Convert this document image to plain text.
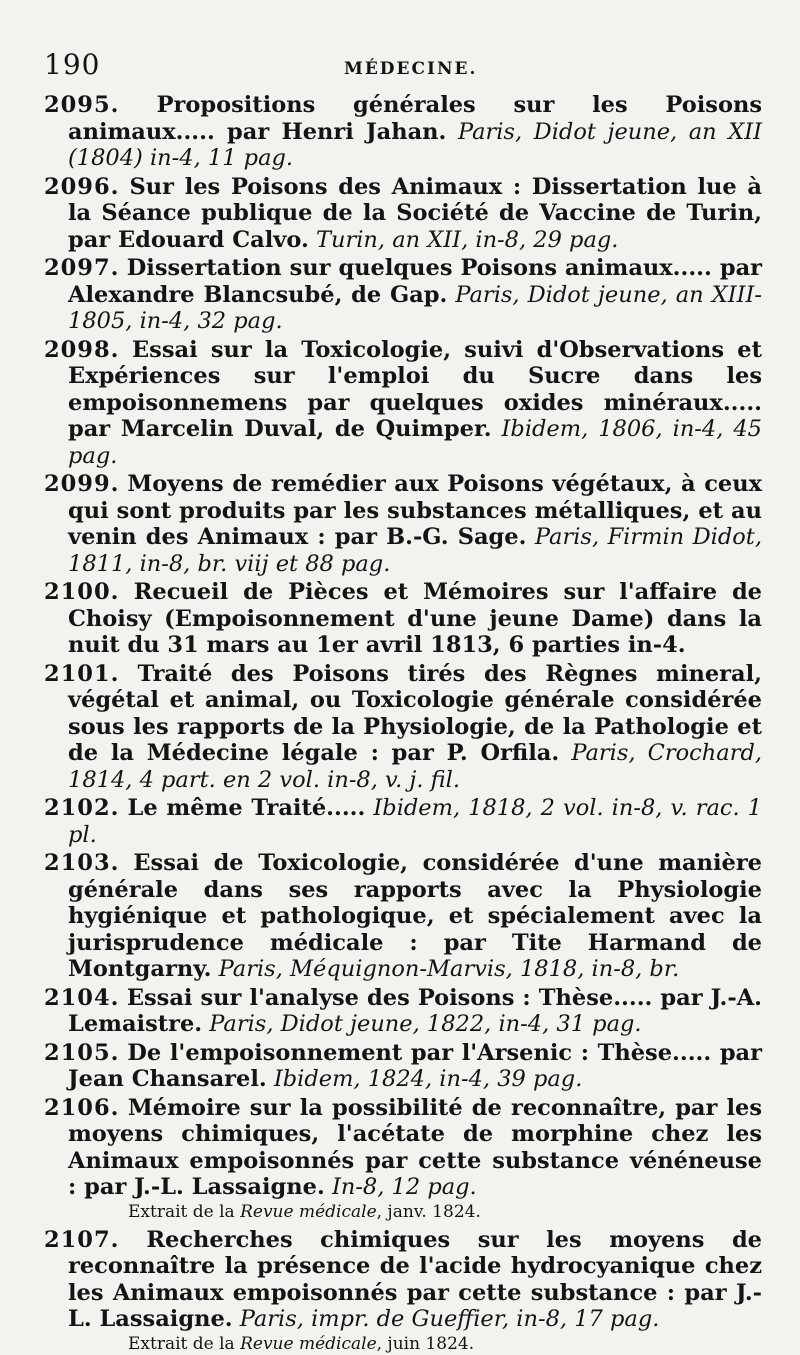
190	MÉDECINE.
2095. Propositions générales sur les Poisons animaux..... par Henri Jahan. Paris, Didot jeune, an XII (1804) in-4, 11 pag.
2096. Sur les Poisons des Animaux : Dissertation lue à la Séance publique de la Société de Vaccine de Turin, par Edouard Calvo. Turin, an XII, in-8, 29 pag.
2097. Dissertation sur quelques Poisons animaux..... par Alexandre Blancsubé, de Gap. Paris, Didot jeune, an XIII-1805, in-4, 32 pag.
2098. Essai sur la Toxicologie, suivi d'Observations et Expériences sur l'emploi du Sucre dans les empoisonnemens par quelques oxides minéraux..... par Marcelin Duval, de Quimper. Ibidem, 1806, in-4, 45 pag.
2099. Moyens de remédier aux Poisons végétaux, à ceux qui sont produits par les substances métalliques, et au venin des Animaux : par B.-G. Sage. Paris, Firmin Didot, 1811, in-8, br. viij et 88 pag.
2100. Recueil de Pièces et Mémoires sur l'affaire de Choisy (Empoisonnement d'une jeune Dame) dans la nuit du 31 mars au 1er avril 1813, 6 parties in-4.
2101. Traité des Poisons tirés des Règnes mineral, végétal et animal, ou Toxicologie générale considérée sous les rapports de la Physiologie, de la Pathologie et de la Médecine légale : par P. Orfila. Paris, Crochard, 1814, 4 part. en 2 vol. in-8, v. j. fil.
2102. Le même Traité..... Ibidem, 1818, 2 vol. in-8, v. rac. 1 pl.
2103. Essai de Toxicologie, considérée d'une manière générale dans ses rapports avec la Physiologie hygiénique et pathologique, et spécialement avec la jurisprudence médicale : par Tite Harmand de Montgarny. Paris, Méquignon-Marvis, 1818, in-8, br.
2104. Essai sur l'analyse des Poisons : Thèse..... par J.-A. Lemaistre. Paris, Didot jeune, 1822, in-4, 31 pag.
2105. De l'empoisonnement par l'Arsenic : Thèse..... par Jean Chansarel. Ibidem, 1824, in-4, 39 pag.
2106. Mémoire sur la possibilité de reconnaître, par les moyens chimiques, l'acétate de morphine chez les Animaux empoisonnés par cette substance vénéneuse : par J.-L. Lassaigne. In-8, 12 pag.
Extrait de la Revue médicale, janv. 1824.
2107. Recherches chimiques sur les moyens de reconnaître la présence de l'acide hydrocyanique chez les Animaux empoisonnés par cette substance : par J.-L. Lassaigne. Paris, impr. de Gueffier, in-8, 17 pag.
Extrait de la Revue médicale, juin 1824.
